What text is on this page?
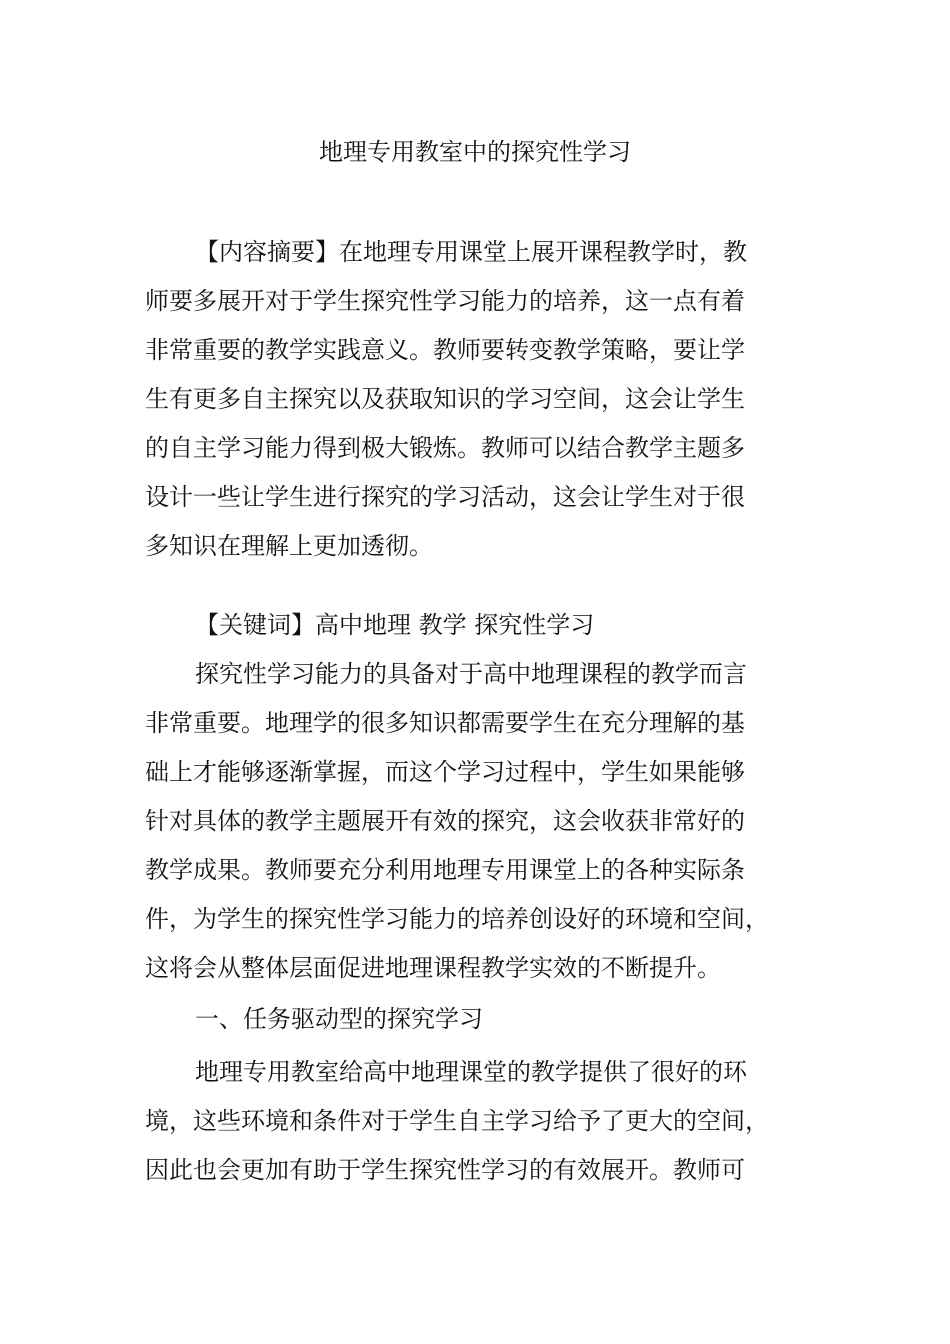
地理专用教室中的探究性学习
【内容摘要】在地理专用课堂上展开课程教学时，教
师要多展开对于学生探究性学习能力的培养，这一点有着
非常重要的教学实践意义。教师要转变教学策略，要让学
生有更多自主探究以及获取知识的学习空间，这会让学生
的自主学习能力得到极大锻炼。教师可以结合教学主题多
设计一些让学生进行探究的学习活动，这会让学生对于很
多知识在理解上更加透彻。
【关键词】高中地理 教学 探究性学习
探究性学习能力的具备对于高中地理课程的教学而言
非常重要。地理学的很多知识都需要学生在充分理解的基
础上才能够逐渐掌握，而这个学习过程中，学生如果能够
针对具体的教学主题展开有效的探究，这会收获非常好的
教学成果。教师要充分利用地理专用课堂上的各种实际条
件，为学生的探究性学习能力的培养创设好的环境和空间，
这将会从整体层面促进地理课程教学实效的不断提升。
一、任务驱动型的探究学习
地理专用教室给高中地理课堂的教学提供了很好的环
境，这些环境和条件对于学生自主学习给予了更大的空间，
因此也会更加有助于学生探究性学习的有效展开。教师可
